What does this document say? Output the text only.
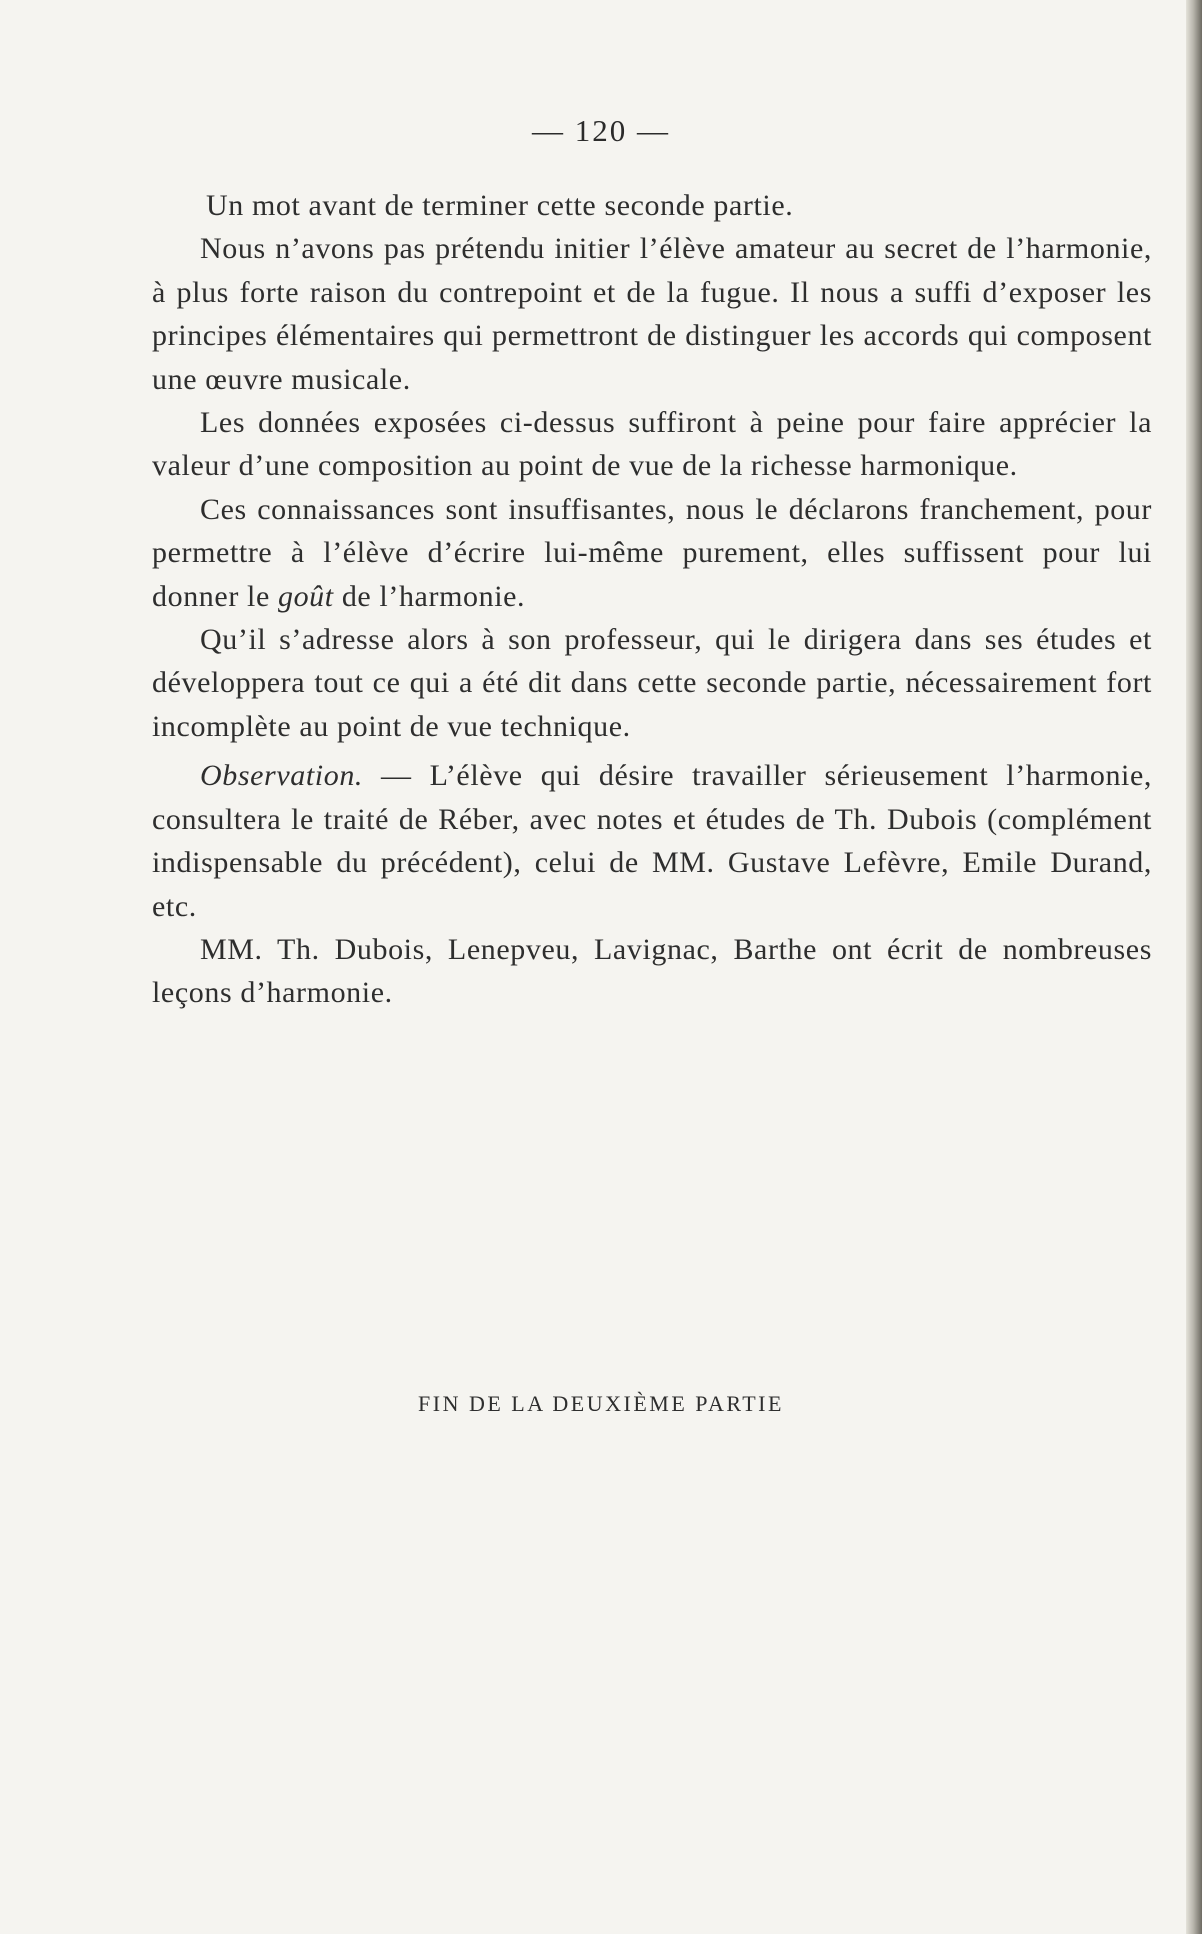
— 120 —

Un mot avant de terminer cette seconde partie.

Nous n’avons pas prétendu initier l’élève amateur au secret de l’harmonie, à plus forte raison du contrepoint et de la fugue. Il nous a suffi d’exposer les principes élémentaires qui permettront de distinguer les accords qui composent une œuvre musicale.

Les données exposées ci-dessus suffiront à peine pour faire apprécier la valeur d’une composition au point de vue de la richesse harmonique.

Ces connaissances sont insuffisantes, nous le déclarons franchement, pour permettre à l’élève d’écrire lui-même purement, elles suffissent pour lui donner le goût de l’harmonie.

Qu’il s’adresse alors à son professeur, qui le dirigera dans ses études et développera tout ce qui a été dit dans cette seconde partie, nécessairement fort incomplète au point de vue technique.

Observation. — L’élève qui désire travailler sérieusement l’harmonie, consultera le traité de Réber, avec notes et études de Th. Dubois (complément indispensable du précédent), celui de MM. Gustave Lefèvre, Emile Durand, etc.

MM. Th. Dubois, Lenepveu, Lavignac, Barthe ont écrit de nombreuses leçons d’harmonie.

FIN DE LA DEUXIÈME PARTIE
